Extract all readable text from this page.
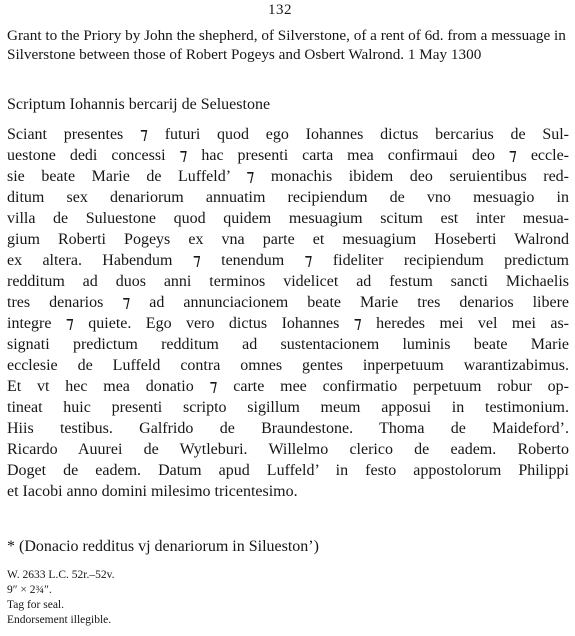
132

Grant to the Priory by John the shepherd, of Silverstone, of a rent of 6d. from a messuage in Silverstone between those of Robert Pogeys and Osbert Walrond. 1 May 1300

Scriptum Iohannis bercarij de Seluestone

Sciant presentes ⁊ futuri quod ego Iohannes dictus bercarius de Sul-
uestone dedi concessi ⁊ hac presenti carta mea confirmaui deo ⁊ eccle-
sie beate Marie de Luffeld’ ⁊ monachis ibidem deo seruientibus red-
ditum sex denariorum annuatim recipiendum de vno mesuagio in
villa de Suluestone quod quidem mesuagium scitum est inter mesua-
gium Roberti Pogeys ex vna parte et mesuagium Hoseberti Walrond
ex altera. Habendum ⁊ tenendum ⁊ fideliter recipiendum predictum
redditum ad duos anni terminos videlicet ad festum sancti Michaelis
tres denarios ⁊ ad annunciacionem beate Marie tres denarios libere
integre ⁊ quiete. Ego vero dictus Iohannes ⁊ heredes mei vel mei as-
signati predictum redditum ad sustentacionem luminis beate Marie
ecclesie de Luffeld contra omnes gentes inperpetuum warantizabimus.
Et vt hec mea donatio ⁊ carte mee confirmatio perpetuum robur op-
tineat huic presenti scripto sigillum meum apposui in testimonium.
Hiis testibus. Galfrido de Braundestone. Thoma de Maideford’.
Ricardo Auurei de Wytleburi. Willelmo clerico de eadem. Roberto
Doget de eadem. Datum apud Luffeld’ in festo appostolorum Philippi
et Iacobi anno domini milesimo tricentesimo.

* (Donacio redditus vj denariorum in Silueston’)

W. 2633 L.C. 52r.–52v.
9″ × 2¾″.
Tag for seal.
Endorsement illegible.
